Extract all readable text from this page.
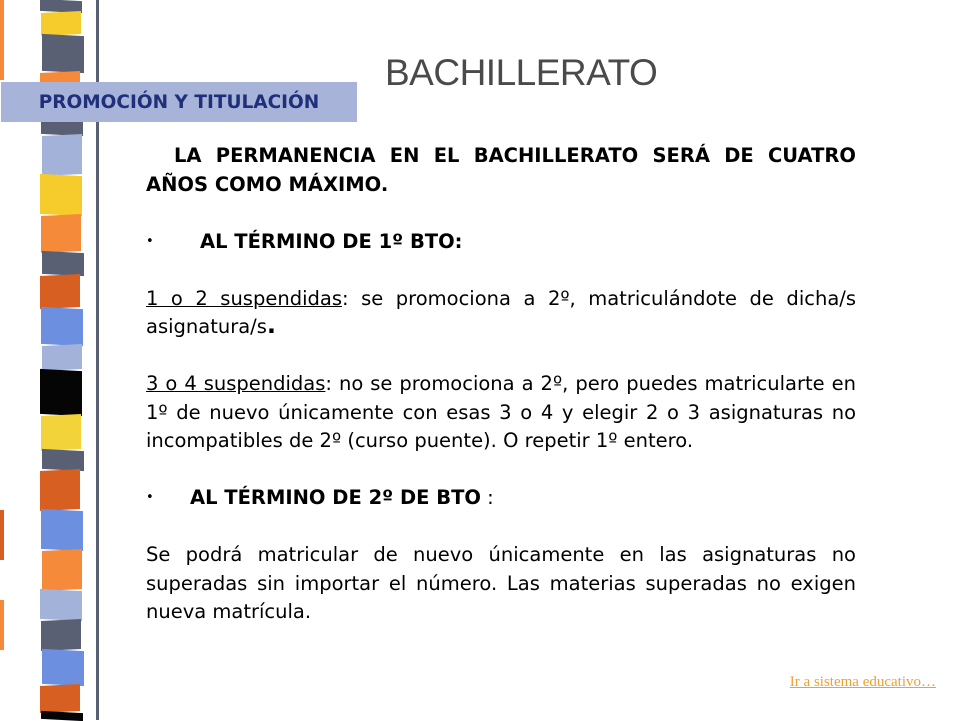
BACHILLERATO
PROMOCIÓN Y TITULACIÓN

LA PERMANENCIA EN EL BACHILLERATO SERÁ DE CUATRO AÑOS COMO MÁXIMO.

• AL TÉRMINO DE 1º BTO:

1 o 2 suspendidas: se promociona a 2º, matriculándote de dicha/s asignatura/s.

3 o 4 suspendidas: no se promociona a 2º, pero puedes matricularte en 1º de nuevo únicamente con esas 3 o 4 y elegir 2 o 3 asignaturas no incompatibles de 2º (curso puente). O repetir 1º entero.

• AL TÉRMINO DE 2º DE BTO :

Se podrá matricular de nuevo únicamente en las asignaturas no superadas sin importar el número. Las materias superadas no exigen nueva matrícula.

Ir a sistema educativo…
